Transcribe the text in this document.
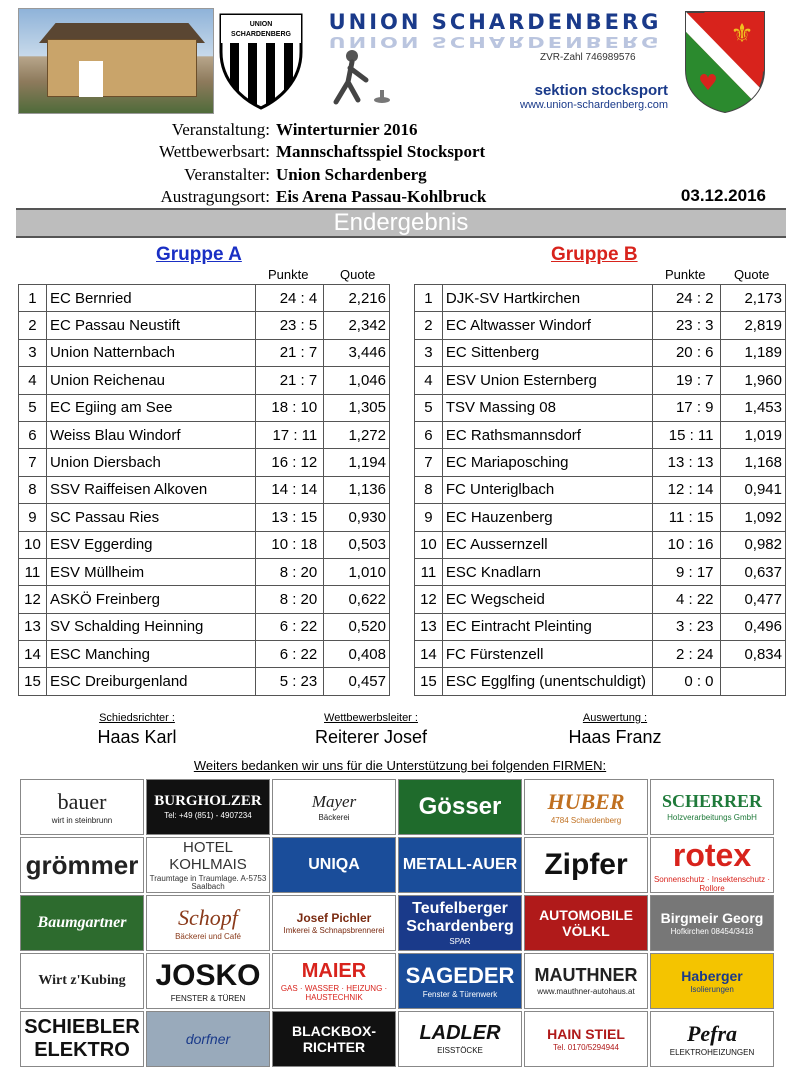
UNION
SCHARDENBERG
UNION SCHARDENBERG
UNION SCHARDENBERG
ZVR-Zahl 746989576
sektion stocksport
www.union-schardenberg.com
⚜
♥
Veranstaltung: Winterturnier 2016
Wettbewerbsart: Mannschaftsspiel Stocksport
Veranstalter: Union Schardenberg
Austragungsort: Eis Arena Passau-Kohlbruck	03.12.2016
Endergebnis
Gruppe A	Gruppe B
Punkte Quote	Punkte Quote
1	EC Bernried	24 : 4	2,216
2	EC Passau Neustift	23 : 5	2,342
3	Union Natternbach	21 : 7	3,446
4	Union Reichenau	21 : 7	1,046
5	EC Egiing am See	18 : 10	1,305
6	Weiss Blau Windorf	17 : 11	1,272
7	Union Diersbach	16 : 12	1,194
8	SSV Raiffeisen Alkoven	14 : 14	1,136
9	SC Passau Ries	13 : 15	0,930
10	ESV Eggerding	10 : 18	0,503
11	ESV Müllheim	8 : 20	1,010
12	ASKÖ Freinberg	8 : 20	0,622
13	SV Schalding Heinning	6 : 22	0,520
14	ESC Manching	6 : 22	0,408
15	ESC Dreiburgenland	5 : 23	0,457
1	DJK-SV Hartkirchen	24 : 2	2,173
2	EC Altwasser Windorf	23 : 3	2,819
3	EC Sittenberg	20 : 6	1,189
4	ESV Union Esternberg	19 : 7	1,960
5	TSV Massing 08	17 : 9	1,453
6	EC Rathsmannsdorf	15 : 11	1,019
7	EC Mariaposching	13 : 13	1,168
8	FC Unteriglbach	12 : 14	0,941
9	EC Hauzenberg	11 : 15	1,092
10	EC Aussernzell	10 : 16	0,982
11	ESC Knadlarn	9 : 17	0,637
12	EC Wegscheid	4 : 22	0,477
13	EC Eintracht Pleinting	3 : 23	0,496
14	FC Fürstenzell	2 : 24	0,834
15	ESC Egglfing (unentschuldigt)	0 : 0	
Schiedsrichter :
Haas Karl
Wettbewerbsleiter :
Reiterer Josef
Auswertung :
Haas Franz
Weiters bedanken wir uns für die Unterstützung bei folgenden FIRMEN:
bauer
wirt in steinbrunn
BURGHOLZER
Tel: +49 (851) - 4907234
Mayer
Bäckerei	Gösser HUBER
4784 Schardenberg
SCHERRER
Holzverarbeitungs GmbH
grömmer
HOTEL KOHLMAIS
Traumtage in Traumlage. A-5753 Saalbach
UNIQA	METALL-AUER Zipfer	rotex
Sonnenschutz · Insektenschutz · Rollore
Baumgartner Schopf
Bäckerei und Café
Josef Pichler
Imkerei & Schnapsbrennerei
Teufelberger Schardenberg
SPAR
AUTOMOBILE VÖLKL
Birgmeir Georg
Hofkirchen 08454/3418
Wirt z'Kubing JOSKO
FENSTER & TÜREN
MAIER
GAS · WASSER · HEIZUNG · HAUSTECHNIK
SAGEDER
Fenster & Türenwerk
MAUTHNER
www.mauthner-autohaus.at
Haberger
Isolierungen
SCHIEBLER ELEKTRO	dorfner	BLACKBOX-RICHTER
LADLER
EISSTÖCKE
HAIN STIEL
Tel. 0170/5294944
Pefra
ELEKTROHEIZUNGEN
